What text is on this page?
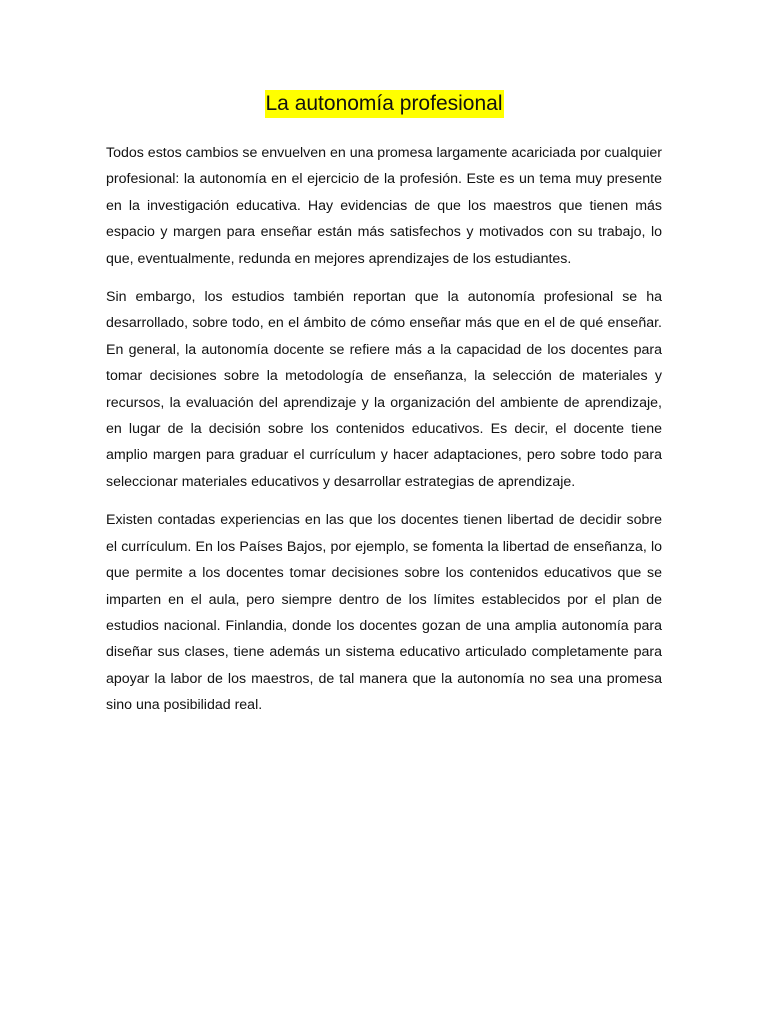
La autonomía profesional

Todos estos cambios se envuelven en una promesa largamente acariciada por cualquier profesional: la autonomía en el ejercicio de la profesión. Este es un tema muy presente en la investigación educativa. Hay evidencias de que los maestros que tienen más espacio y margen para enseñar están más satisfechos y motivados con su trabajo, lo que, eventualmente, redunda en mejores aprendizajes de los estudiantes.

Sin embargo, los estudios también reportan que la autonomía profesional se ha desarrollado, sobre todo, en el ámbito de cómo enseñar más que en el de qué enseñar. En general, la autonomía docente se refiere más a la capacidad de los docentes para tomar decisiones sobre la metodología de enseñanza, la selección de materiales y recursos, la evaluación del aprendizaje y la organización del ambiente de aprendizaje, en lugar de la decisión sobre los contenidos educativos. Es decir, el docente tiene amplio margen para graduar el currículum y hacer adaptaciones, pero sobre todo para seleccionar materiales educativos y desarrollar estrategias de aprendizaje.

Existen contadas experiencias en las que los docentes tienen libertad de decidir sobre el currículum. En los Países Bajos, por ejemplo, se fomenta la libertad de enseñanza, lo que permite a los docentes tomar decisiones sobre los contenidos educativos que se imparten en el aula, pero siempre dentro de los límites establecidos por el plan de estudios nacional. Finlandia, donde los docentes gozan de una amplia autonomía para diseñar sus clases, tiene además un sistema educativo articulado completamente para apoyar la labor de los maestros, de tal manera que la autonomía no sea una promesa sino una posibilidad real.
